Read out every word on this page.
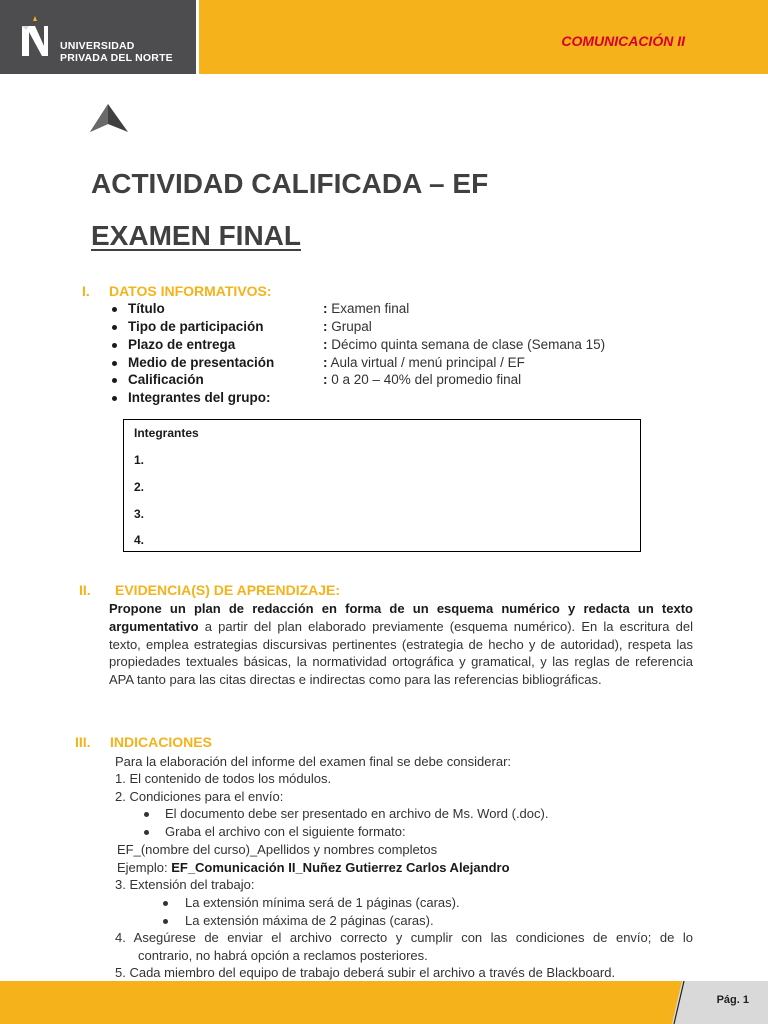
UNIVERSIDAD
PRIVADA DEL NORTE
COMUNICACIÓN II
ACTIVIDAD CALIFICADA – EF
EXAMEN FINAL
I. DATOS INFORMATIVOS:
Título	: Examen final
Tipo de participación	: Grupal
Plazo de entrega	: Décimo quinta semana de clase (Semana 15)
Medio de presentación	: Aula virtual / menú principal / EF
Calificación	: 0 a 20 – 40% del promedio final
Integrantes del grupo:
Integrantes
1.
2.
3.
4.
II. EVIDENCIA(S) DE APRENDIZAJE:

Propone un plan de redacción en forma de un esquema numérico y redacta un texto argumentativo a partir del plan elaborado previamente (esquema numérico). En la escritura del texto, emplea estrategias discursivas pertinentes (estrategia de hecho y de autoridad), respeta las propiedades textuales básicas, la normatividad ortográfica y gramatical, y las reglas de referencia APA tanto para las citas directas e indirectas como para las referencias bibliográficas.

III. INDICACIONES
Para la elaboración del informe del examen final se debe considerar:
1. El contenido de todos los módulos.
2. Condiciones para el envío:
El documento debe ser presentado en archivo de Ms. Word (.doc).
Graba el archivo con el siguiente formato:
EF_(nombre del curso)_Apellidos y nombres completos
Ejemplo: EF_Comunicación II_Nuñez Gutierrez Carlos Alejandro
3. Extensión del trabajo:
La extensión mínima será de 1 páginas (caras).
La extensión máxima de 2 páginas (caras).
4. Asegúrese de enviar el archivo correcto y cumplir con las condiciones de envío; de lo
contrario, no habrá opción a reclamos posteriores.
5. Cada miembro del equipo de trabajo deberá subir el archivo a través de Blackboard.
Pág. 1
